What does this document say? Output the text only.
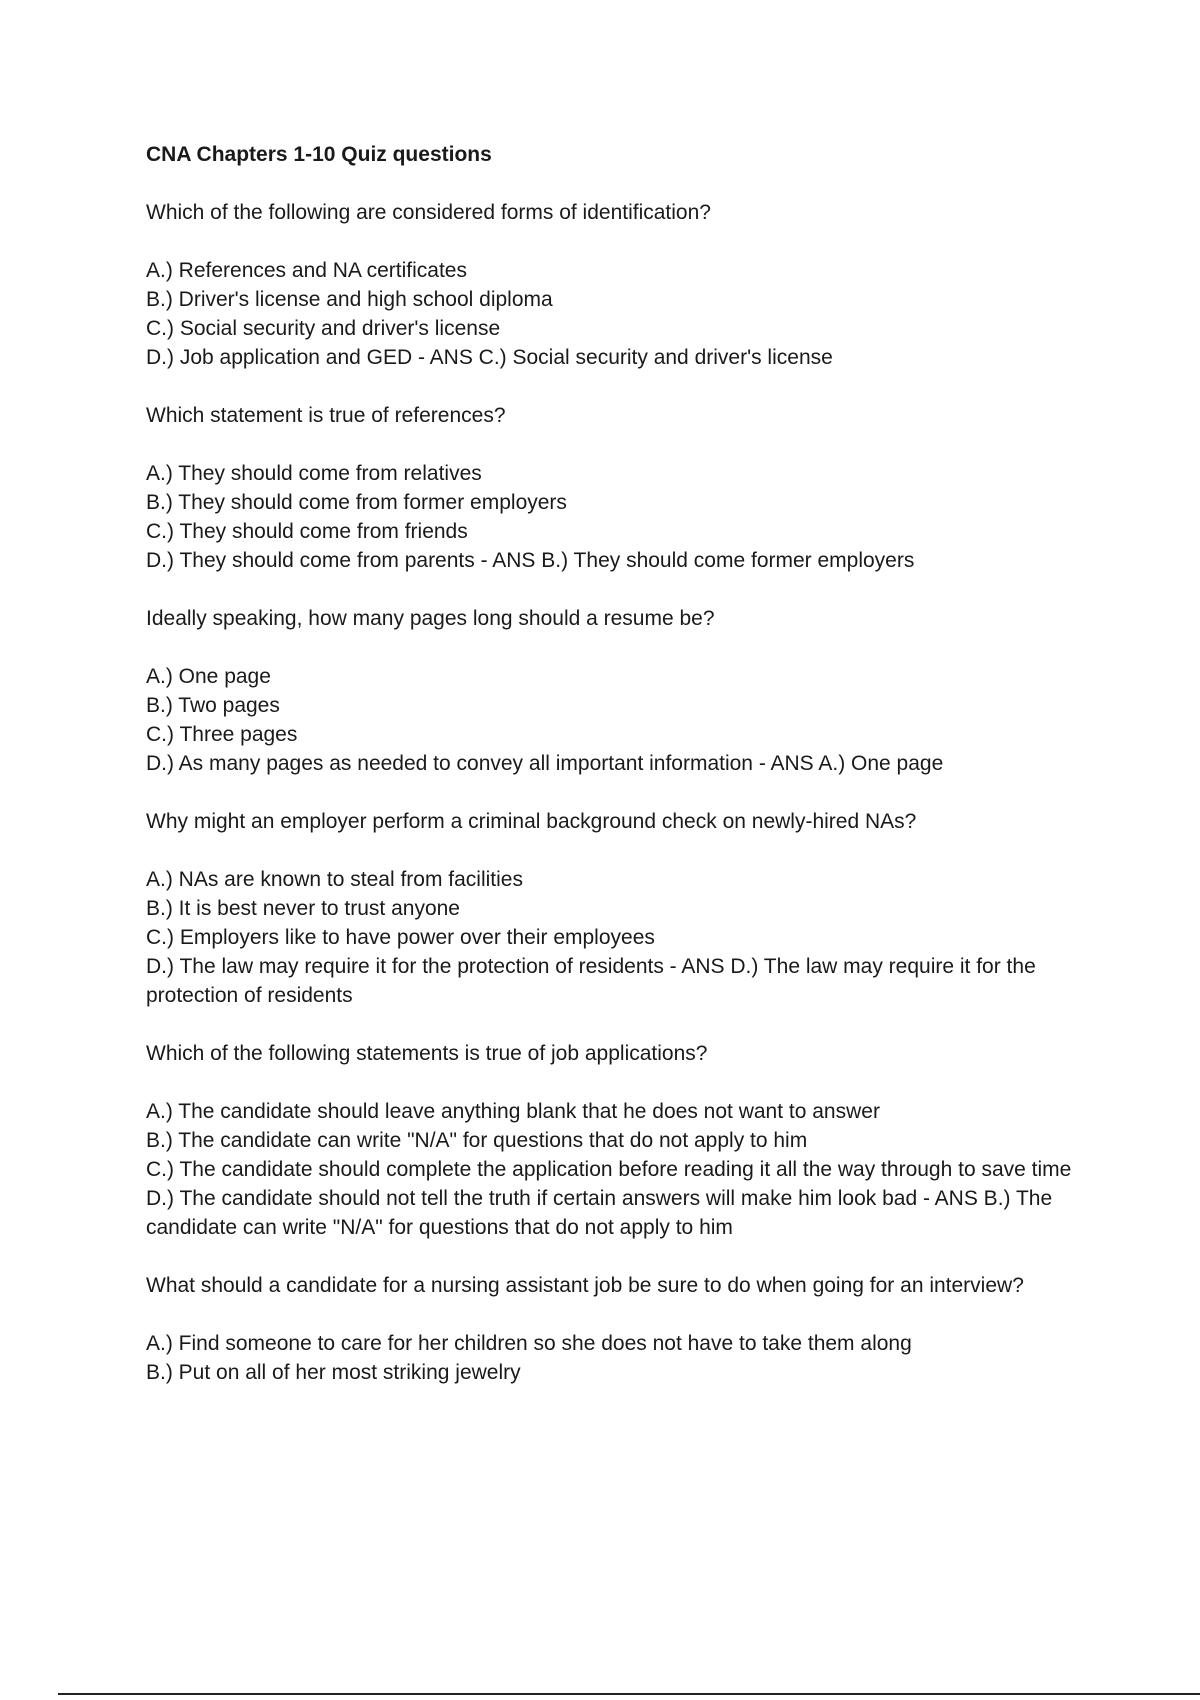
CNA Chapters 1-10 Quiz questions
Which of the following are considered forms of identification?
A.) References and NA certificates
B.) Driver's license and high school diploma
C.) Social security and driver's license
D.) Job application and GED - ANS C.) Social security and driver's license
Which statement is true of references?
A.) They should come from relatives
B.) They should come from former employers
C.) They should come from friends
D.) They should come from parents - ANS B.) They should come former employers
Ideally speaking, how many pages long should a resume be?
A.) One page
B.) Two pages
C.) Three pages
D.) As many pages as needed to convey all important information - ANS A.) One page
Why might an employer perform a criminal background check on newly-hired NAs?
A.) NAs are known to steal from facilities
B.) It is best never to trust anyone
C.) Employers like to have power over their employees
D.) The law may require it for the protection of residents - ANS D.) The law may require it for the protection of residents
Which of the following statements is true of job applications?
A.) The candidate should leave anything blank that he does not want to answer
B.) The candidate can write "N/A" for questions that do not apply to him
C.) The candidate should complete the application before reading it all the way through to save time
D.) The candidate should not tell the truth if certain answers will make him look bad - ANS B.) The candidate can write "N/A" for questions that do not apply to him
What should a candidate for a nursing assistant job be sure to do when going for an interview?
A.) Find someone to care for her children so she does not have to take them along
B.) Put on all of her most striking jewelry
